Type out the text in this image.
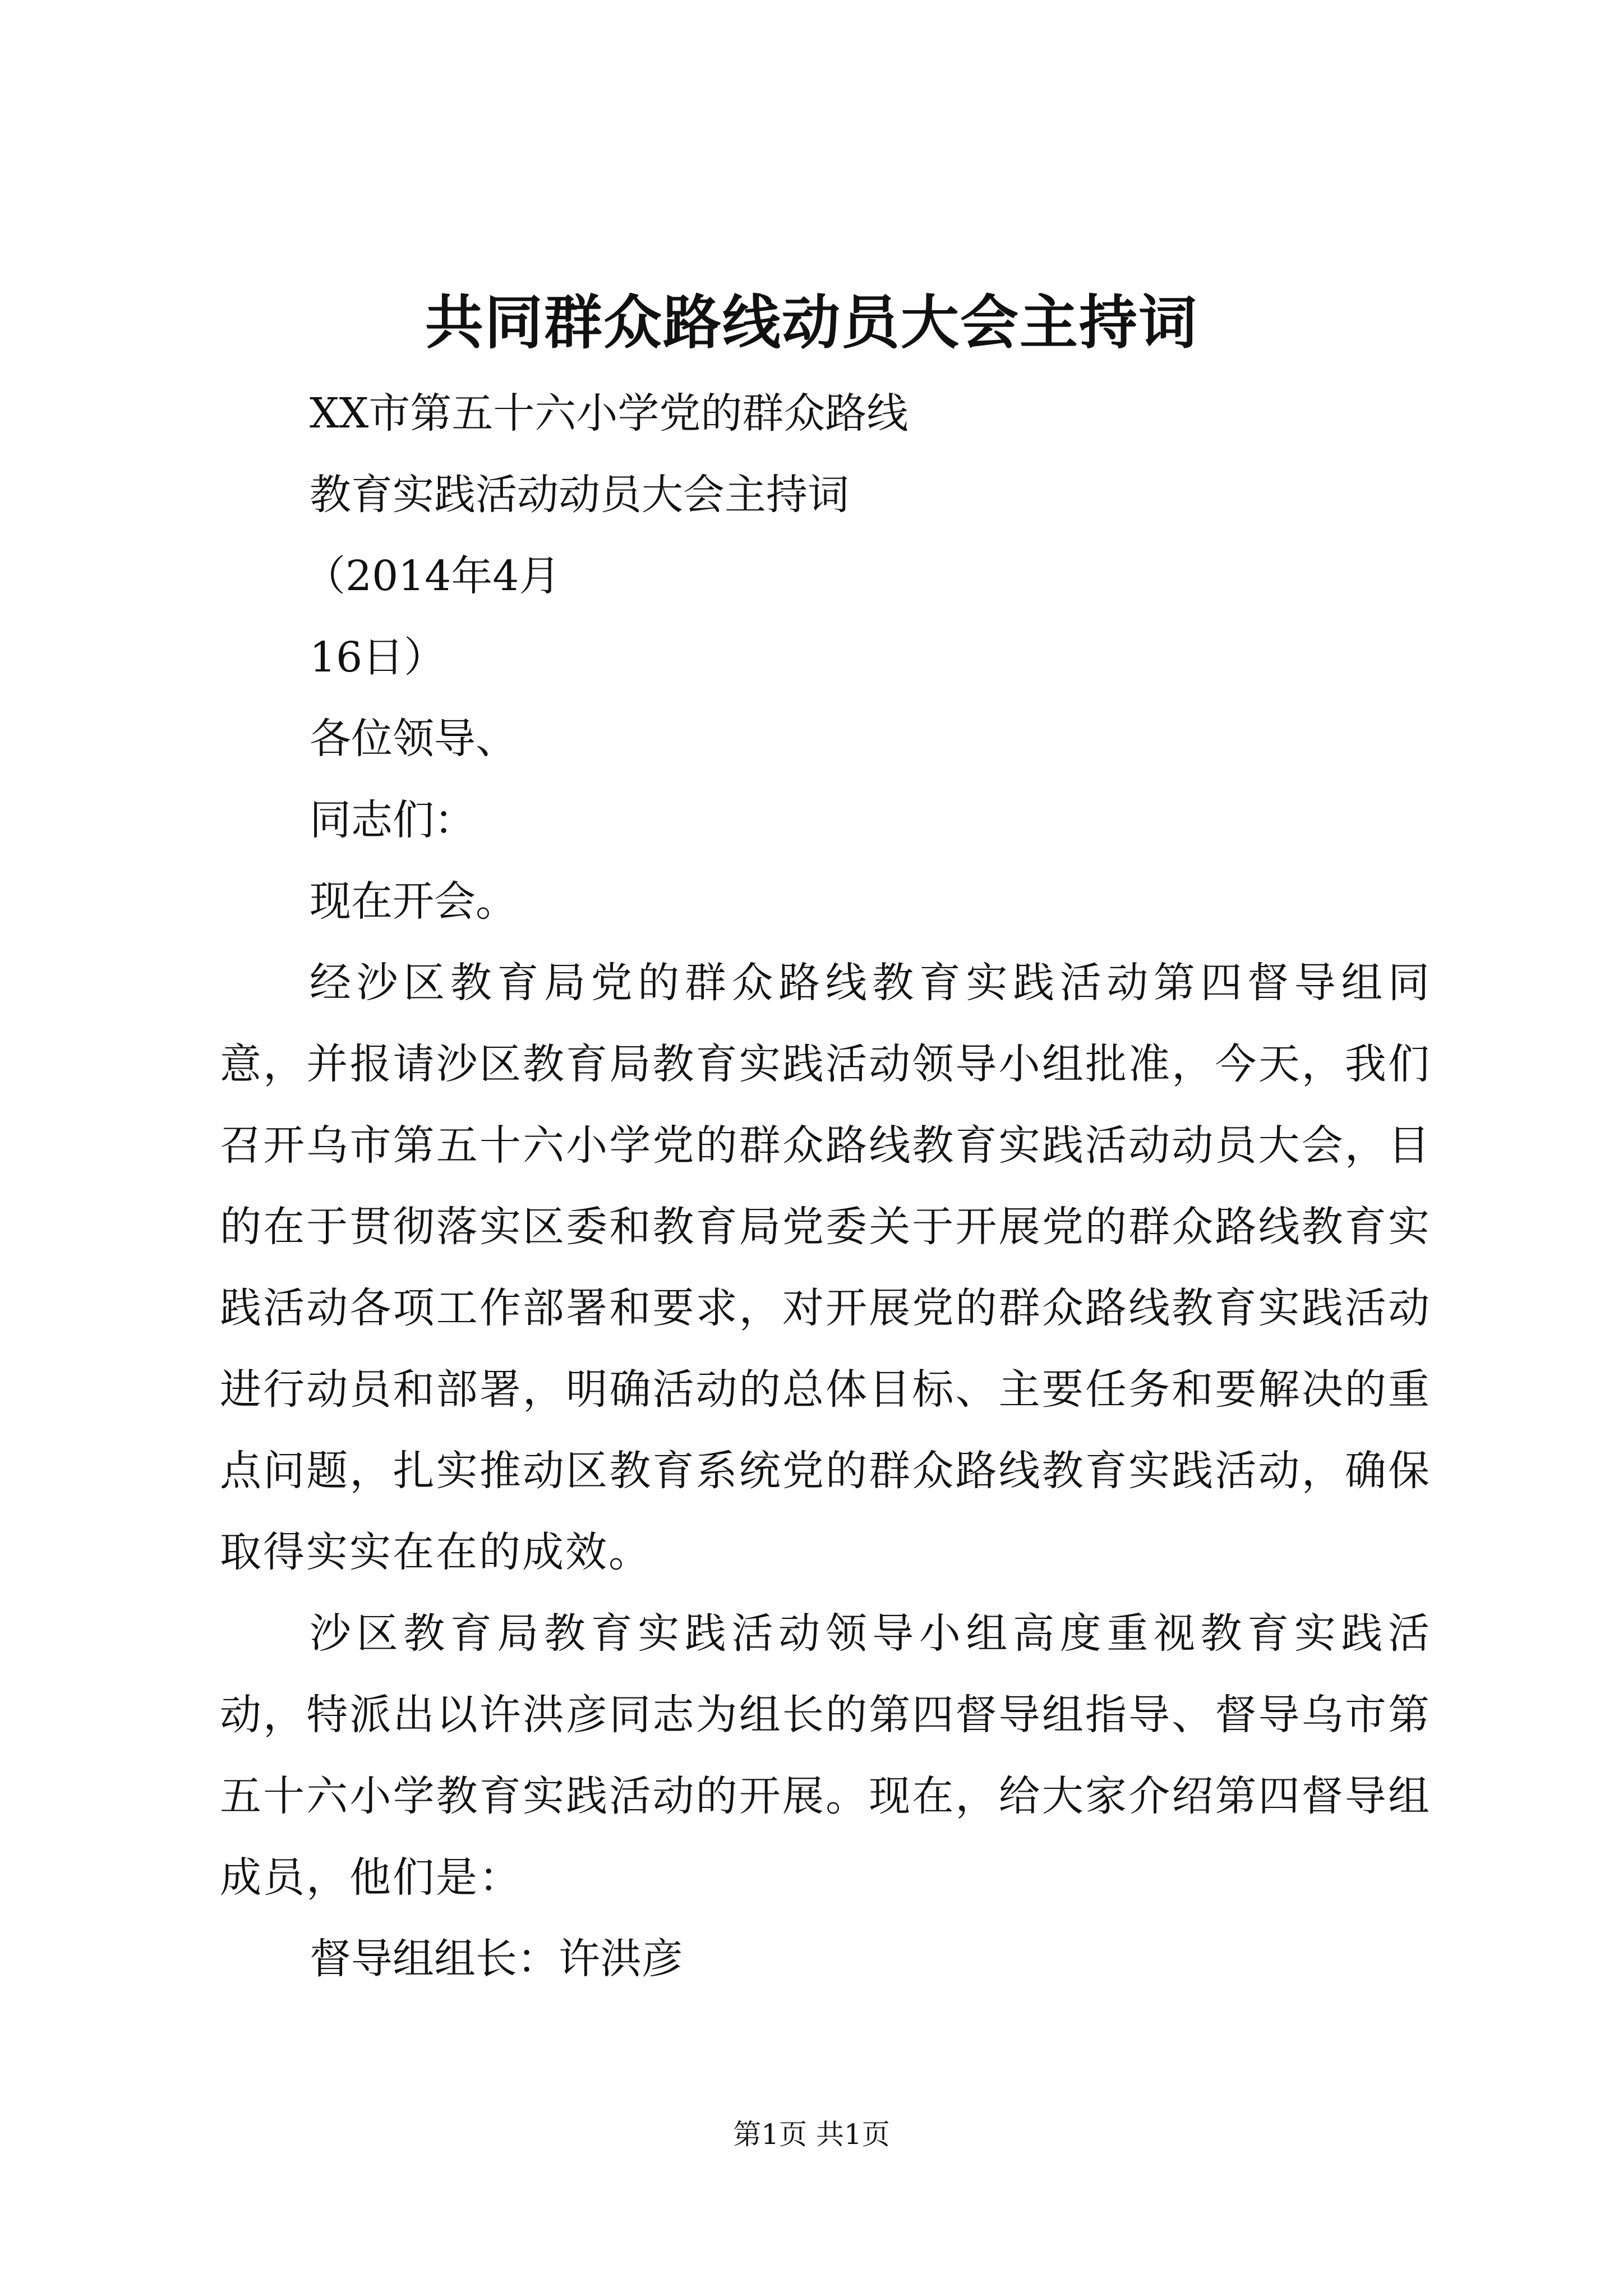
共同群众路线动员大会主持词

XX市第五十六小学党的群众路线

教育实践活动动员大会主持词

（2014年4月

16日）

各位领导、

同志们：

现在开会。

经沙区教育局党的群众路线教育实践活动第四督导组同意，并报请沙区教育局教育实践活动领导小组批准，今天，我们召开乌市第五十六小学党的群众路线教育实践活动动员大会，目的在于贯彻落实区委和教育局党委关于开展党的群众路线教育实践活动各项工作部署和要求，对开展党的群众路线教育实践活动进行动员和部署，明确活动的总体目标、主要任务和要解决的重点问题，扎实推动区教育系统党的群众路线教育实践活动，确保取得实实在在的成效。

沙区教育局教育实践活动领导小组高度重视教育实践活动，特派出以许洪彦同志为组长的第四督导组指导、督导乌市第五十六小学教育实践活动的开展。现在，给大家介绍第四督导组成员，他们是：

督导组组长：许洪彦

第1页 共1页
